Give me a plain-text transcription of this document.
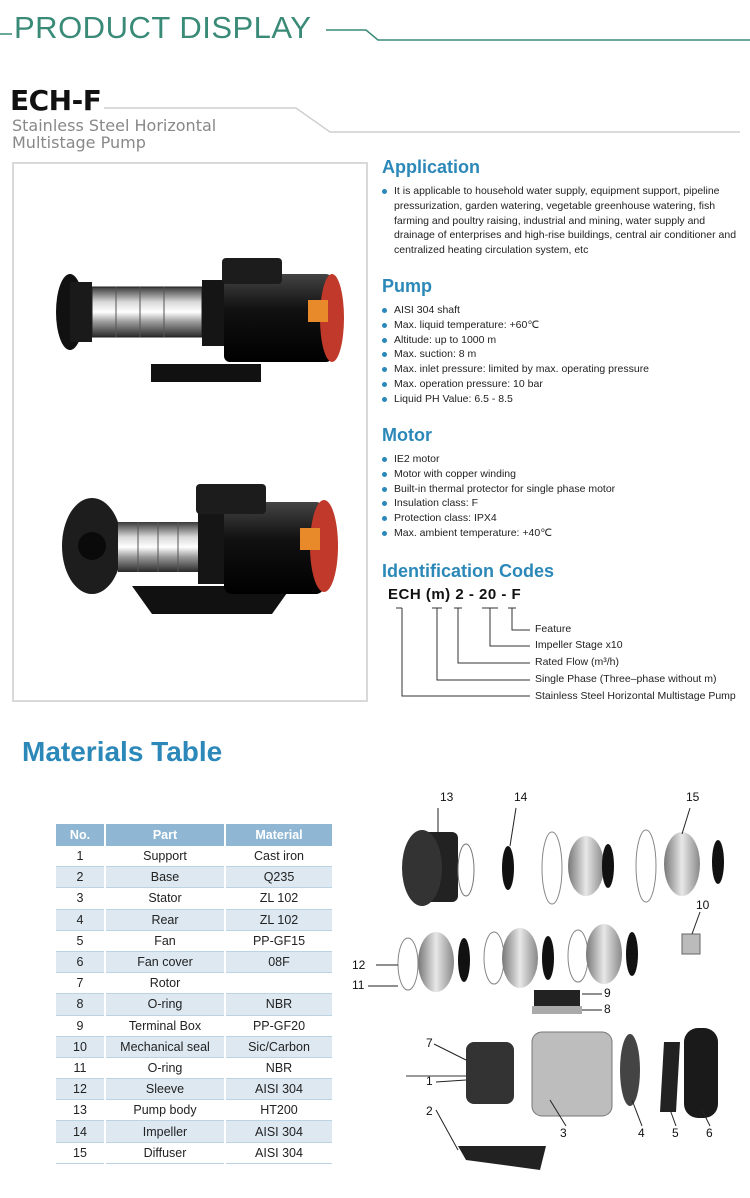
PRODUCT DISPLAY
ECH-F
Stainless Steel Horizontal
Multistage Pump
Application
It is applicable to household water supply, equipment support, pipeline pressurization, garden watering, vegetable greenhouse watering, fish farming and poultry raising, industrial and mining, water supply and drainage of enterprises and high-rise buildings, central air conditioner and centralized heating circulation system, etc
Pump
AISI 304 shaft
Max. liquid temperature: +60℃
Altitude: up to 1000 m
Max. suction: 8 m
Max. inlet pressure: limited by max. operating pressure
Max. operation pressure: 10 bar
Liquid PH Value: 6.5 - 8.5
Motor
IE2 motor
Motor with copper winding
Built-in thermal protector for single phase motor
Insulation class: F
Protection class: IPX4
Max. ambient temperature: +40℃
Identification Codes
ECH (m) 2 - 20 - F
Feature
Impeller Stage x10
Rated Flow (m³/h)
Single Phase (Three–phase without m)
Stainless Steel Horizontal Multistage Pump
Materials Table
No.	Part	Material
1	Support	Cast iron
2	Base	Q235
3	Stator	ZL 102
4	Rear	ZL 102
5	Fan	PP-GF15
6	Fan cover	08F
7	Rotor	
8	O-ring	NBR
9	Terminal Box	PP-GF20
10	Mechanical seal	Sic/Carbon
11	O-ring	NBR
12	Sleeve	AISI 304
13	Pump body	HT200
14	Impeller	AISI 304
15	Diffuser	AISI 304
13	14	15
10
12
11
9
8
7
1
2
3	4 5 6
